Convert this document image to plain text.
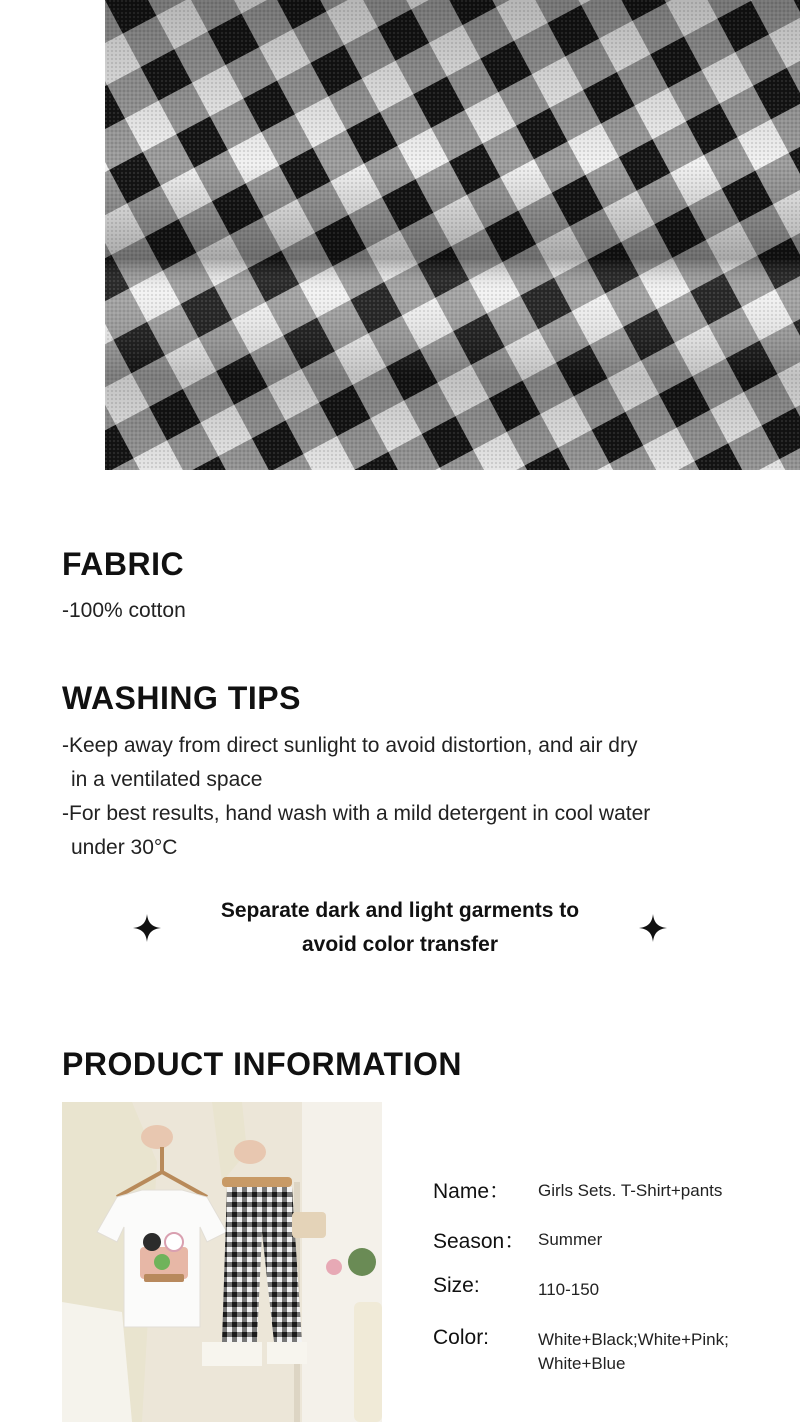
FABRIC
-100% cotton
WASHING TIPS
-Keep away from direct sunlight to avoid distortion, and air dry
in a ventilated space
-For best results, hand wash with a mild detergent in cool water
under 30°C
Separate dark and light garments to
avoid color transfer
PRODUCT INFORMATION
Name： Girls Sets. T-Shirt+pants
Season： Summer
Size:	110-150
Color:	White+Black;White+Pink; White+Blue
